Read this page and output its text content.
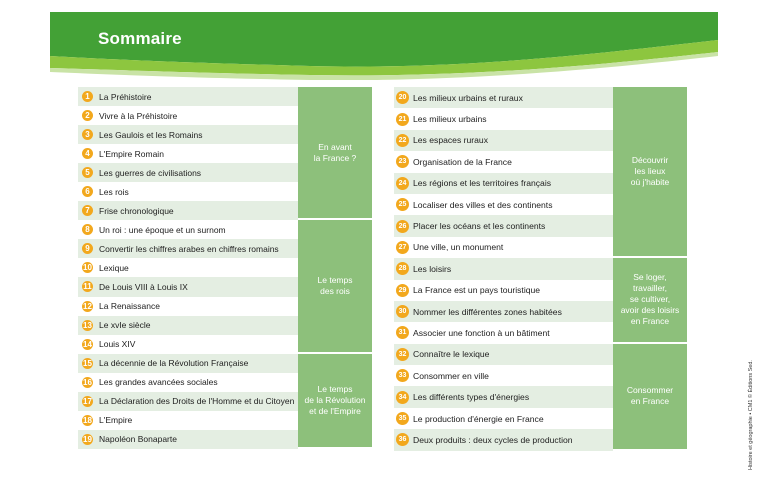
Sommaire
1	La Préhistoire
2	Vivre à la Préhistoire
3	Les Gaulois et les Romains
4	L'Empire Romain
5	Les guerres de civilisations
6	Les rois
7	Frise chronologique
8	Un roi : une époque et un surnom
9	Convertir les chiffres arabes en chiffres romains
10 Lexique
11 De Louis VIII à Louis IX
12 La Renaissance
13 Le xvIe siècle
14 Louis XIV
15 La décennie de la Révolution Française
16 Les grandes avancées sociales
17 La Déclaration des Droits de l'Homme et du Citoyen
18 L'Empire
19 Napoléon Bonaparte
En avant
la France ?
Le temps
des rois
Le temps
de la Révolution
et de l'Empire
20 Les milieux urbains et ruraux
21 Les milieux urbains
22 Les espaces ruraux
23 Organisation de la France
24 Les régions et les territoires français
25 Localiser des villes et des continents
26 Placer les océans et les continents
27 Une ville, un monument
28 Les loisirs
29 La France est un pays touristique
30 Nommer les différentes zones habitées
31 Associer une fonction à un bâtiment
32 Connaître le lexique
33 Consommer en ville
34 Les différents types d'énergies
35 Le production d'énergie en France
36 Deux produits : deux cycles de production
Découvrir
les lieux
où j'habite
Se loger,
travailler,
se cultiver,
avoir des loisirs
en France
Consommer
en France	Histoire et géographie • CM1 © Éditions Sed.
